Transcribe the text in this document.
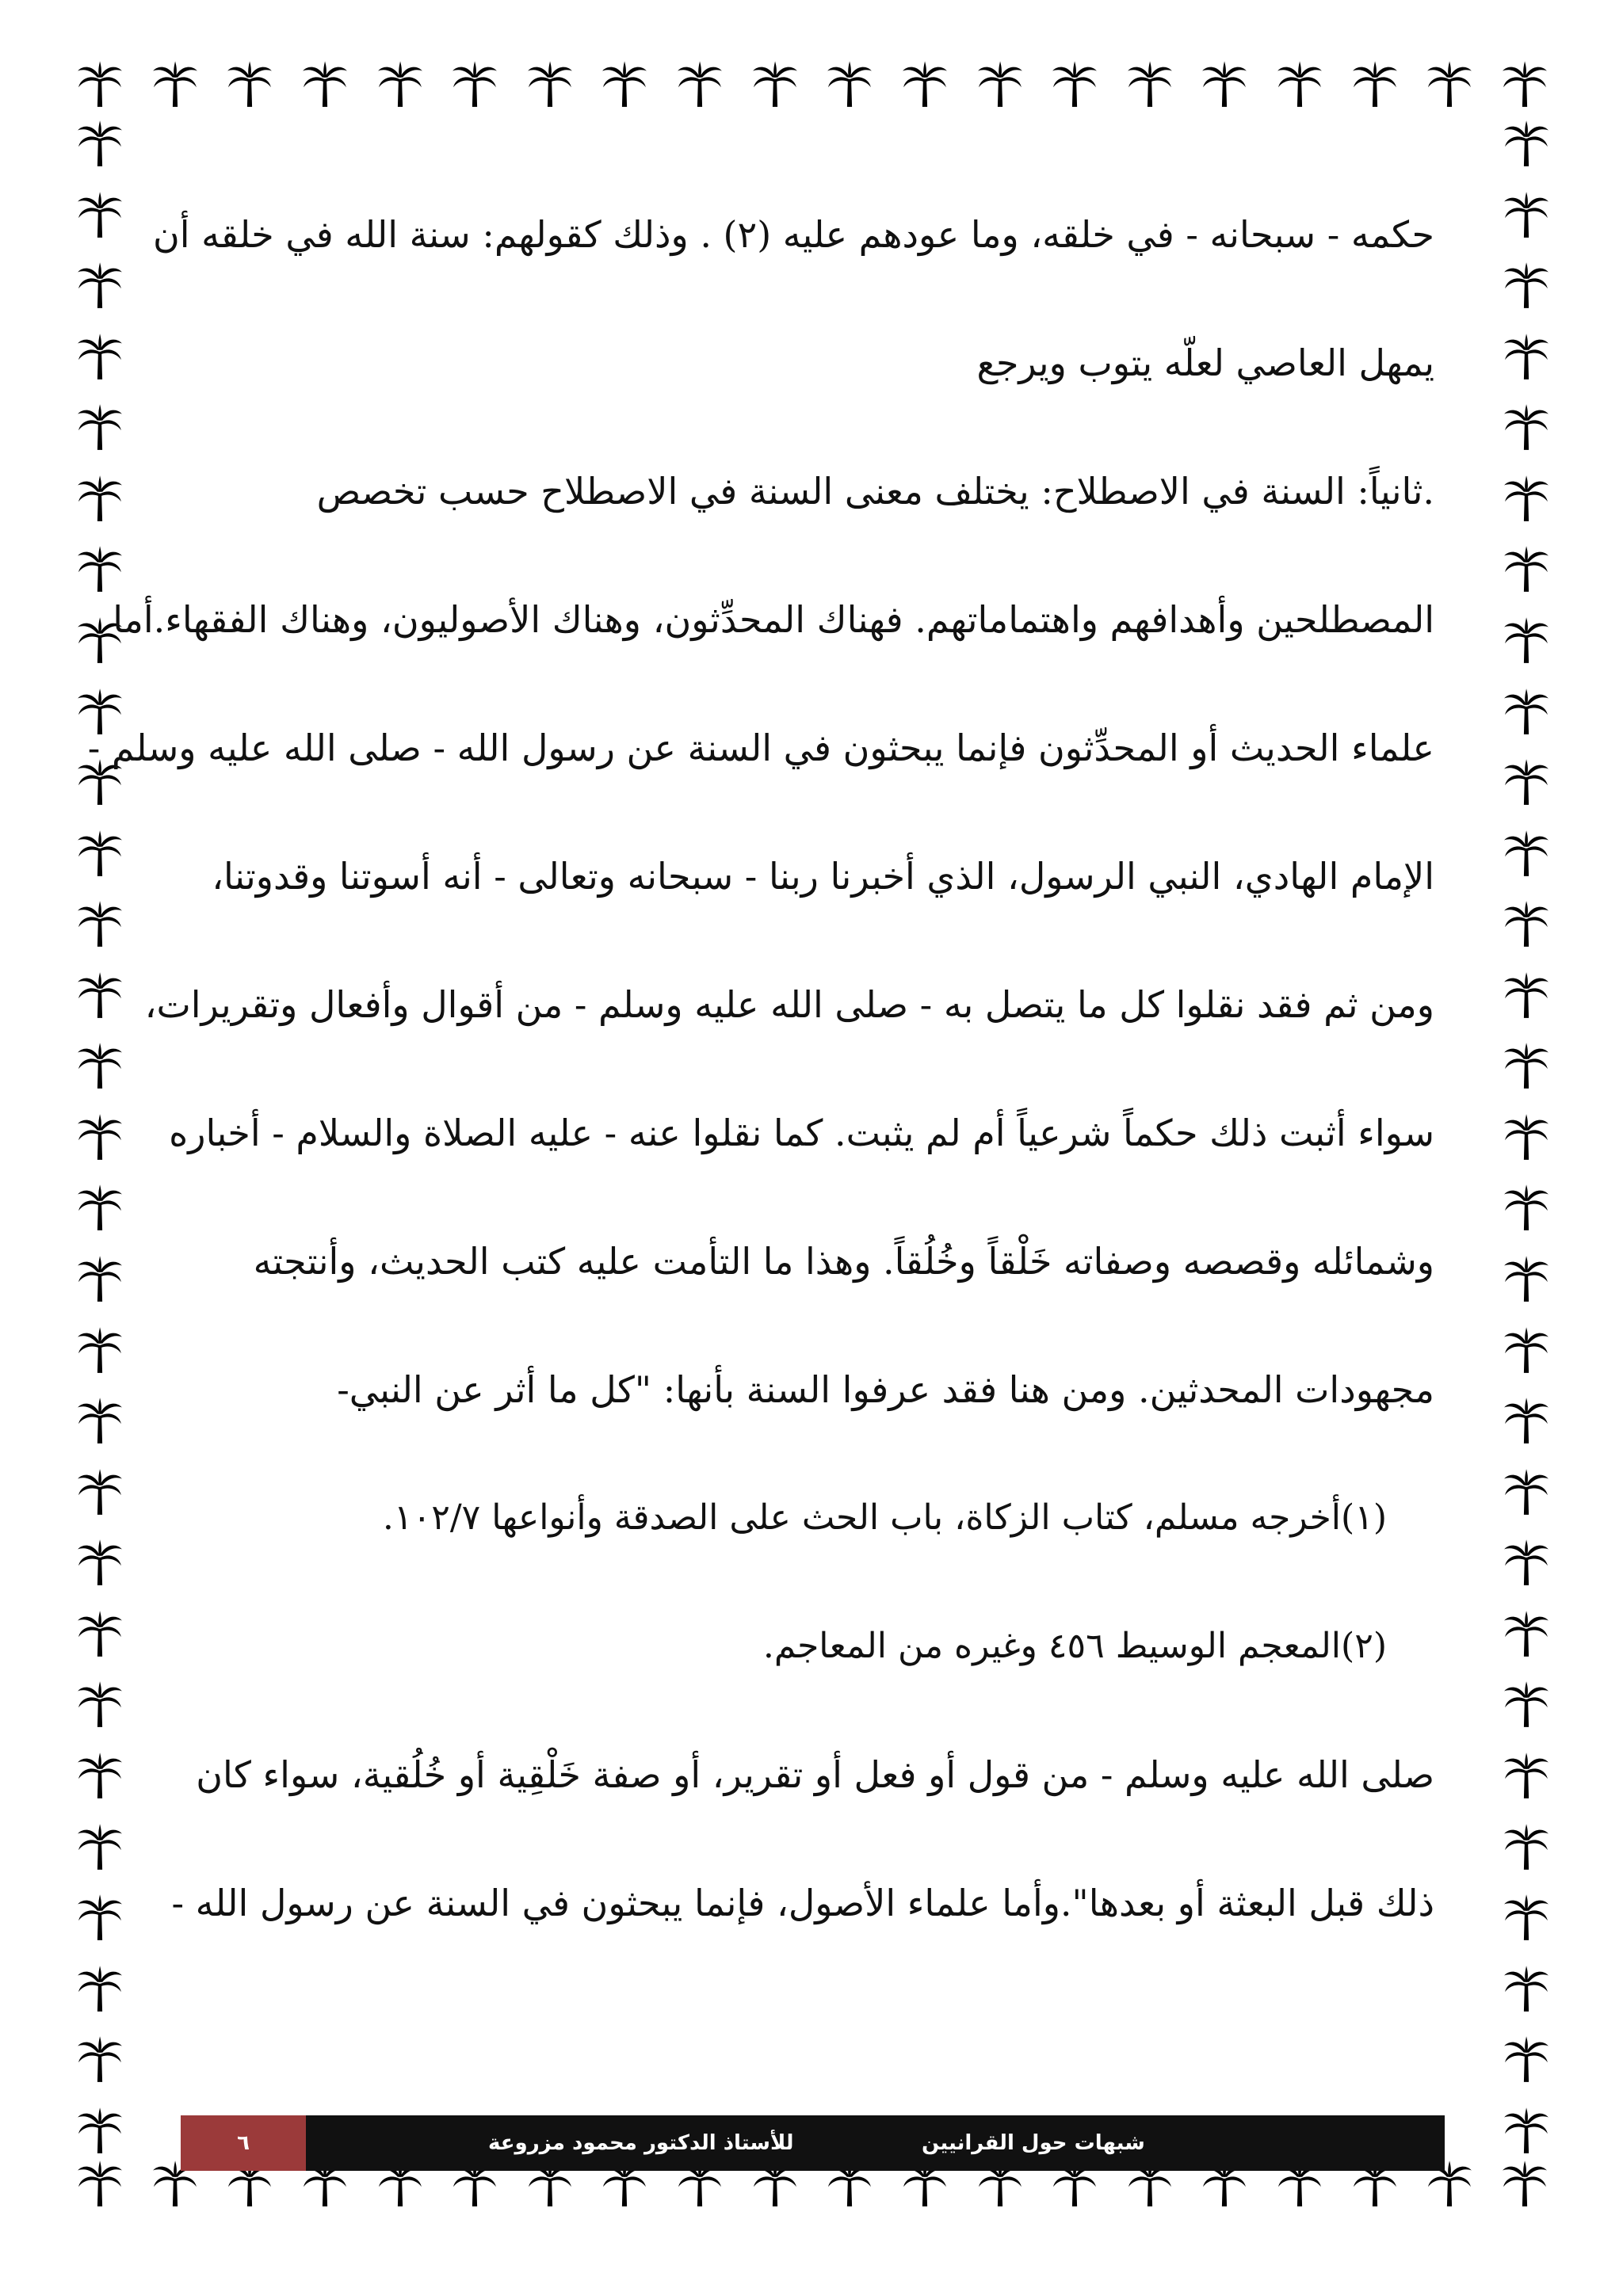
حكمه - سبحانه - في خلقه، وما عودهم عليه (٢) . وذلك كقولهم: سنة الله في خلقه أن
يمهل العاصي لعلّه يتوب ويرجع
.ثانياً: السنة في الاصطلاح: يختلف معنى السنة في الاصطلاح حسب تخصص
المصطلحين وأهدافهم واهتماماتهم. فهناك المحدِّثون، وهناك الأصوليون، وهناك الفقهاء.أما
علماء الحديث أو المحدِّثون فإنما يبحثون في السنة عن رسول الله - صلى الله عليه وسلم -
الإمام الهادي، النبي الرسول، الذي أخبرنا ربنا - سبحانه وتعالى - أنه أسوتنا وقدوتنا،
ومن ثم فقد نقلوا كل ما يتصل به - صلى الله عليه وسلم - من أقوال وأفعال وتقريرات،
سواء أثبت ذلك حكماً شرعياً أم لم يثبت. كما نقلوا عنه - عليه الصلاة والسلام - أخباره
وشمائله وقصصه وصفاته خَلْقاً وخُلُقاً. وهذا ما التأمت عليه كتب الحديث، وأنتجته
مجهودات المحدثين. ومن هنا فقد عرفوا السنة بأنها: "كل ما أثر عن النبي-
(١)أخرجه مسلم، كتاب الزكاة، باب الحث على الصدقة وأنواعها ١٠٢/٧.
(٢)المعجم الوسيط ٤٥٦ وغيره من المعاجم.
صلى الله عليه وسلم - من قول أو فعل أو تقرير، أو صفة خَلْقِية أو خُلُقية، سواء كان
ذلك قبل البعثة أو بعدها".وأما علماء الأصول، فإنما يبحثون في السنة عن رسول الله -
٦	للأستاذ الدكتور محمود مزروعة	شبهات حول القرانيين
